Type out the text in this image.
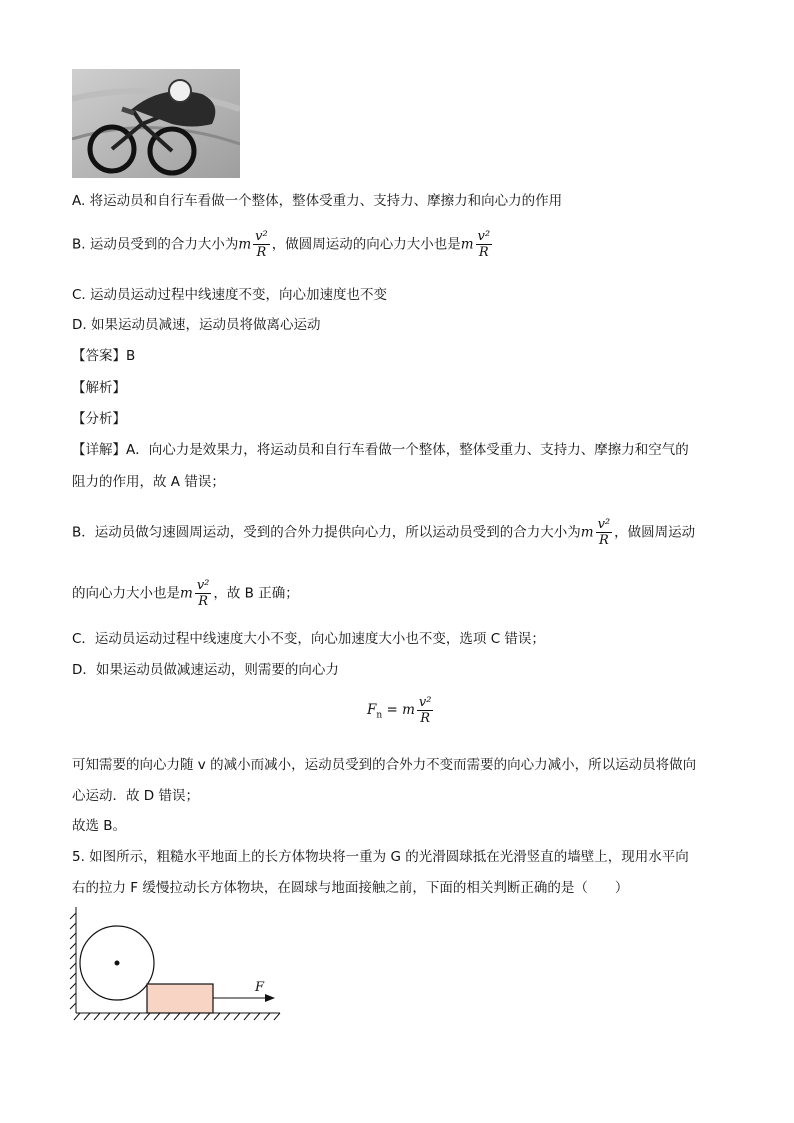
A. 将运动员和自行车看做一个整体，整体受重力、支持力、摩擦力和向心力的作用
B. 运动员受到的合力大小为m $\frac{\text{v²}}{R}$ ，做圆周运动的向心力大小也是m $\frac{\text{v²}}{R}$
C. 运动员运动过程中线速度不变，向心加速度也不变
D. 如果运动员减速，运动员将做离心运动
【答案】B
【解析】
【分析】
【详解】A．向心力是效果力，将运动员和自行车看做一个整体，整体受重力、支持力、摩擦力和空气的
阻力的作用，故 A 错误；
B．运动员做匀速圆周运动，受到的合外力提供向心力，所以运动员受到的合力大小为m $\frac{\text{v²}}{R}$ ，做圆周运动
的向心力大小也是m $\frac{\text{v²}}{R}$ ，故 B 正确；
C．运动员运动过程中线速度大小不变，向心加速度大小也不变，选项 C 错误；
D．如果运动员做减速运动，则需要的向心力
$F_n = m \frac{\text{v²}}{R}$
可知需要的向心力随 v 的减小而减小，运动员受到的合外力不变而需要的向心力减小，所以运动员将做向
心运动．故 D 错误；
故选 B。
5. 如图所示，粗糙水平地面上的长方体物块将一重为 G 的光滑圆球抵在光滑竖直的墙壁上，现用水平向
右的拉力 F 缓慢拉动长方体物块，在圆球与地面接触之前，下面的相关判断正确的是（　　）
F
